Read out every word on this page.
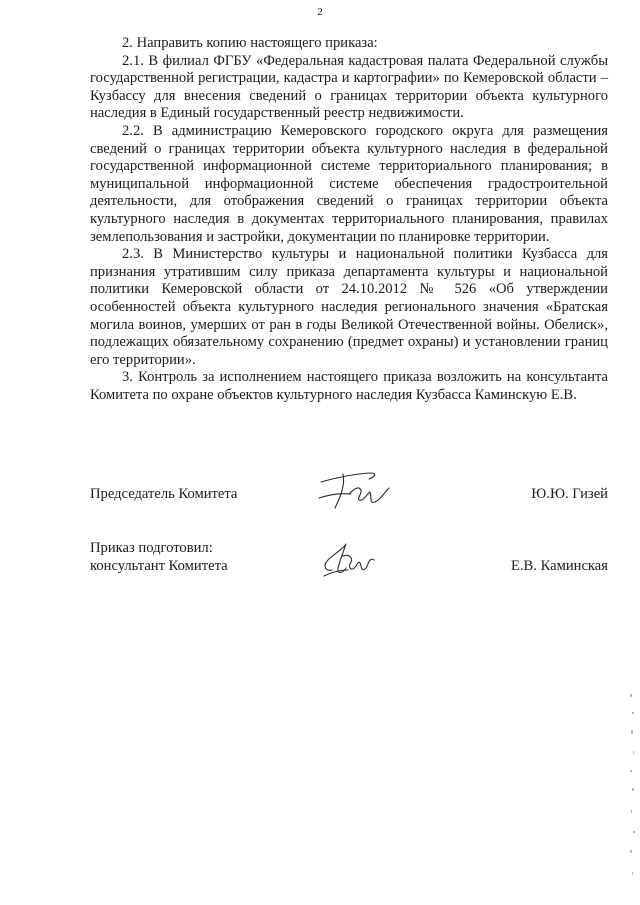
2

2. Направить копию настоящего приказа:

2.1. В филиал ФГБУ «Федеральная кадастровая палата Федеральной службы государственной регистрации, кадастра и картографии» по Кемеровской области – Кузбассу для внесения сведений о границах территории объекта культурного наследия в Единый государственный реестр недвижимости.

2.2. В администрацию Кемеровского городского округа для размещения сведений о границах территории объекта культурного наследия в федеральной государственной информационной системе территориального планирования; в муниципальной информационной системе обеспечения градостроительной деятельности, для отображения сведений о границах территории объекта культурного наследия в документах территориального планирования, правилах землепользования и застройки, документации по планировке территории.

2.3. В Министерство культуры и национальной политики Кузбасса для признания утратившим силу приказа департамента культуры и национальной политики Кемеровской области от 24.10.2012 № 526 «Об утверждении особенностей объекта культурного наследия регионального значения «Братская могила воинов, умерших от ран в годы Великой Отечественной войны. Обелиск», подлежащих обязательному сохранению (предмет охраны) и установлении границ его территории».

3. Контроль за исполнением настоящего приказа возложить на консультанта Комитета по охране объектов культурного наследия Кузбасса Каминскую Е.В.

Председатель Комитета	Ю.Ю. Гизей
Приказ подготовил:
консультант Комитета	Е.В. Каминская
